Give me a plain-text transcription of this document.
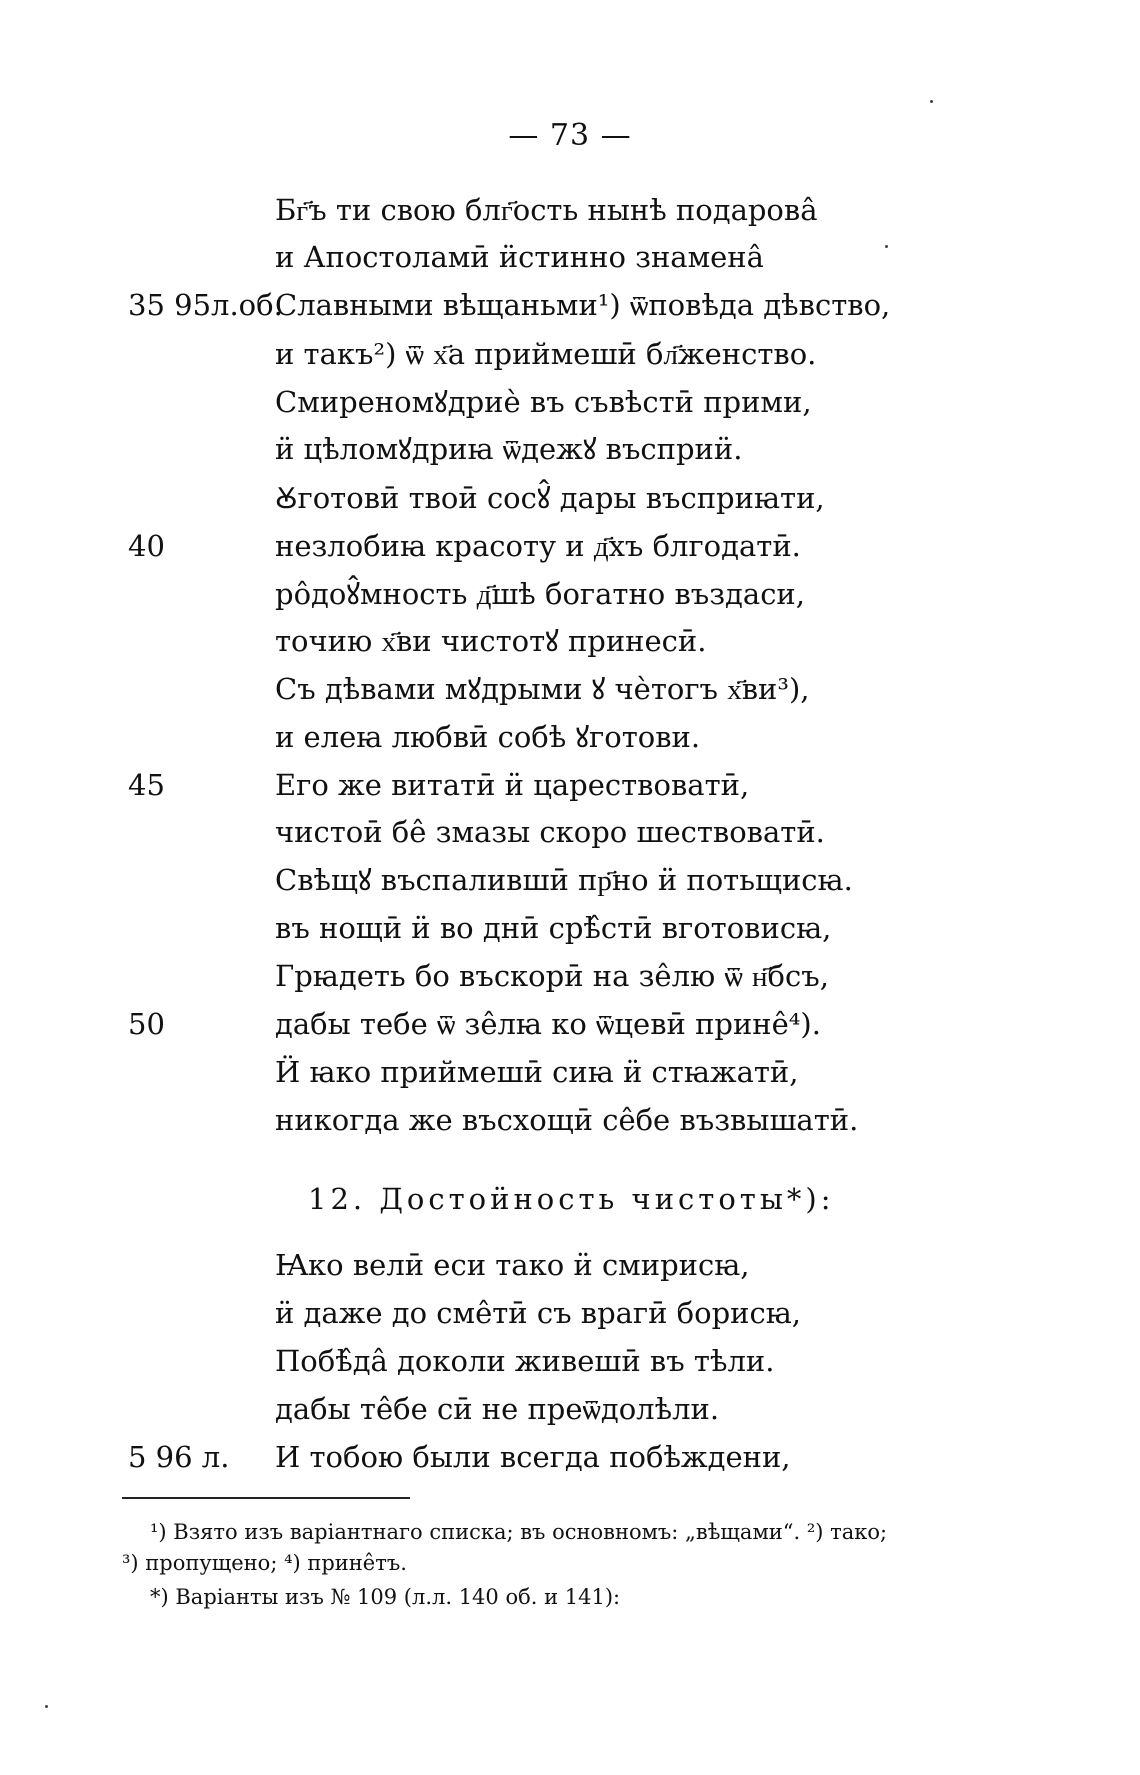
— 73 —
Бг҃ъ ти свою блг҃ость нынѣ подарова̂
и Апостоламӣ ӥстинно знамена̂
35 95л.об.
Славными вѣщаньми¹) ѿповѣда дѣвство,
и такъ²) ѿ х҃а приймешӣ бл҃женство.
Смиреномꙋдриѐ въ съвѣстӣ прими,
ӥ цѣломꙋдриꙗ ѿдежꙋ въсприӥ.
Ꙋготовӣ твоӣ сосꙋ̂ дары въсприꙗти,
40	незлобиꙗ красоту и д҃хъ блгодатӣ.
ро̂доꙋ̂мность д҃шѣ богатно въздаси,
точию х҃ви чистотꙋ принесӣ.
Съ дѣвами мꙋдрыми ꙋ чѐтогъ х҃ви³),
и елеꙗ любвӣ собѣ ꙋготови.
45	Его же витатӣ ӥ царествоватӣ,
чистоӣ бе̂ змазы скоро шествоватӣ.
Свѣщꙋ въспалившӣ пр҃но ӥ потьщисꙗ.
въ нощӣ ӥ во днӣ срѣ̂стӣ вготовисꙗ,
Грꙗдеть бо въскорӣ на зе̂лю ѿ н҃бсъ,
50	дабы тебе ѿ зе̂лꙗ ко ѿцевӣ прине̂⁴).
Ӥ ꙗко приймешӣ сиꙗ ӥ стꙗжатӣ,
никогда же въсхощӣ се̂бе възвышатӣ.
12. Достоӥность чистоты*):
Ꙗко велӣ еси тако ӥ смирисꙗ,
ӥ даже до сме̂тӣ съ врагӣ борисꙗ,
Побѣ̂да̂ доколи живешӣ въ тѣли.
дабы те̂бе сӣ не преѿдолѣли.
5 96 л. И тобою были всегда побѣждени,
¹) Взято изъ варіантнаго списка; въ основномъ: „вѣщами“. ²) тако;
³) пропущено; ⁴) прине̂тъ.
*) Варіанты изъ № 109 (л.л. 140 об. и 141):
